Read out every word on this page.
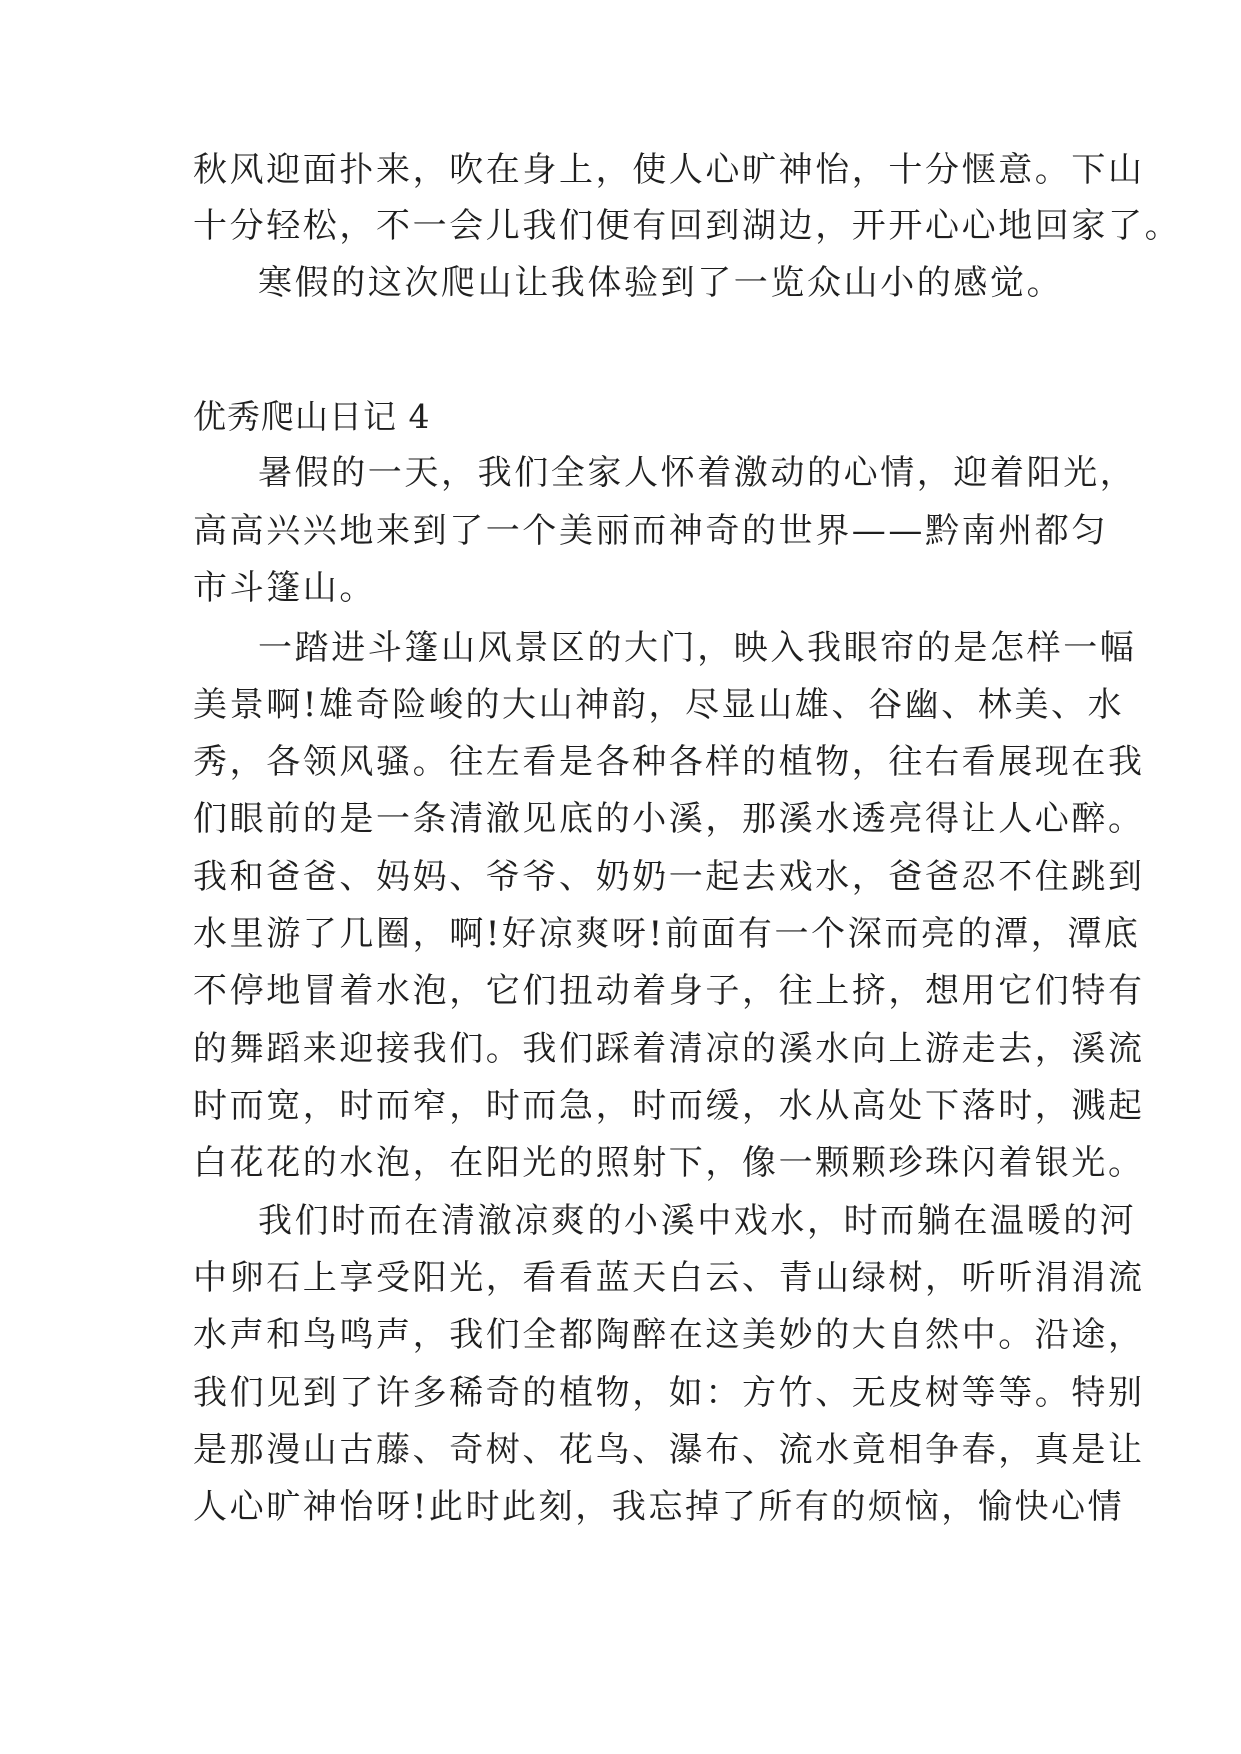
秋风迎面扑来，吹在身上，使人心旷神怡，十分惬意。下山
十分轻松，不一会儿我们便有回到湖边，开开心心地回家了。
寒假的这次爬山让我体验到了一览众山小的感觉。
优秀爬山日记 4
暑假的一天，我们全家人怀着激动的心情，迎着阳光，
高高兴兴地来到了一个美丽而神奇的世界——黔南州都匀
市斗篷山。
一踏进斗篷山风景区的大门，映入我眼帘的是怎样一幅
美景啊!雄奇险峻的大山神韵，尽显山雄、谷幽、林美、水
秀，各领风骚。往左看是各种各样的植物，往右看展现在我
们眼前的是一条清澈见底的小溪，那溪水透亮得让人心醉。
我和爸爸、妈妈、爷爷、奶奶一起去戏水，爸爸忍不住跳到
水里游了几圈，啊!好凉爽呀!前面有一个深而亮的潭，潭底
不停地冒着水泡，它们扭动着身子，往上挤，想用它们特有
的舞蹈来迎接我们。我们踩着清凉的溪水向上游走去，溪流
时而宽，时而窄，时而急，时而缓，水从高处下落时，溅起
白花花的水泡，在阳光的照射下，像一颗颗珍珠闪着银光。
我们时而在清澈凉爽的小溪中戏水，时而躺在温暖的河
中卵石上享受阳光，看看蓝天白云、青山绿树，听听涓涓流
水声和鸟鸣声，我们全都陶醉在这美妙的大自然中。沿途，
我们见到了许多稀奇的植物，如：方竹、无皮树等等。特别
是那漫山古藤、奇树、花鸟、瀑布、流水竟相争春，真是让
人心旷神怡呀!此时此刻，我忘掉了所有的烦恼，愉快心情
